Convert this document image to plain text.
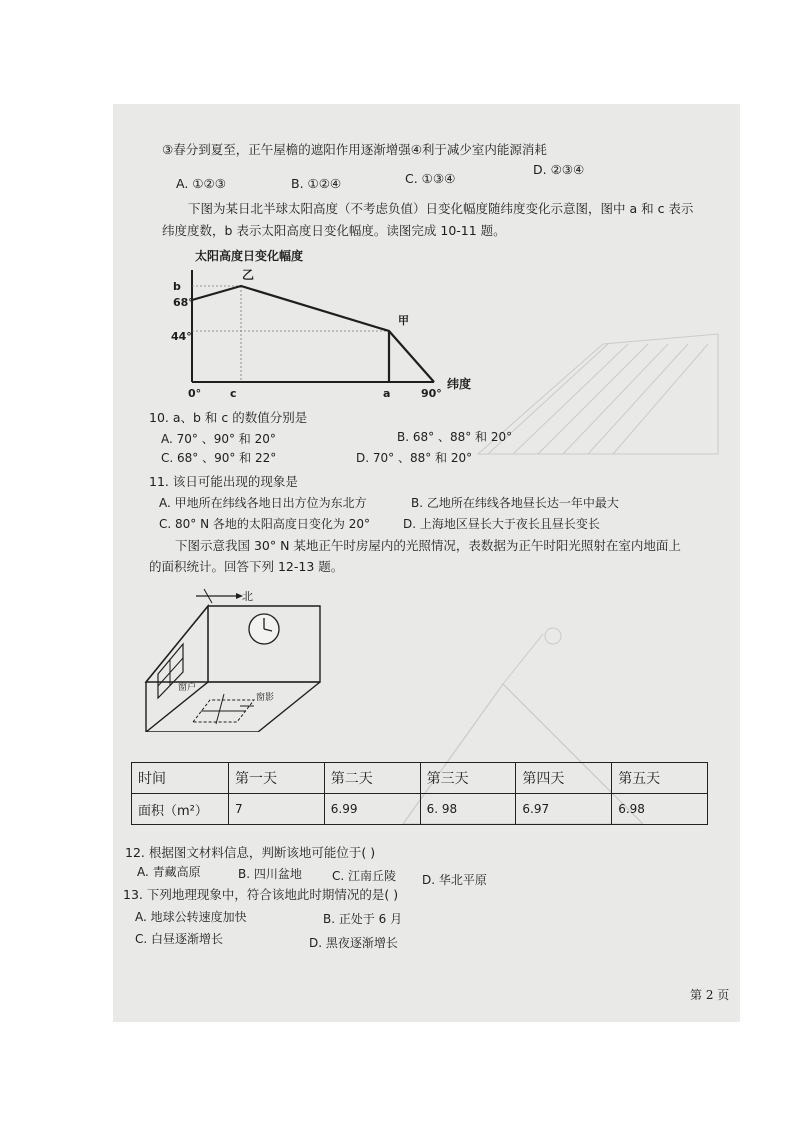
③春分到夏至，正午屋檐的遮阳作用逐渐增强④利于减少室内能源消耗
A. ①②③	B. ①②④	C. ①③④
D. ②③④
下图为某日北半球太阳高度（不考虑负值）日变化幅度随纬度变化示意图，图中 a 和 c 表示
纬度度数，b 表示太阳高度日变化幅度。读图完成 10-11 题。
太阳高度日变化幅度
b
68°
44°
乙
甲
0°	c	a	90°
纬度
10. a、b 和 c 的数值分别是
A. 70° 、90° 和 20°	B. 68° 、88° 和 20°
C. 68° 、90° 和 22°	D. 70° 、88° 和 20°
11. 该日可能出现的现象是
A. 甲地所在纬线各地日出方位为东北方	B. 乙地所在纬线各地昼长达一年中最大
C. 80° N 各地的太阳高度日变化为 20°	D. 上海地区昼长大于夜长且昼长变长
下图示意我国 30° N 某地正午时房屋内的光照情况，表数据为正午时阳光照射在室内地面上
的面积统计。回答下列 12-13 题。
北
窗户
窗影
时间	第一天	第二天	第三天	第四天	第五天
面积（m²）	7	6.99	6. 98	6.97	6.98
12. 根据图文材料信息，判断该地可能位于( )
A. 青藏高原	B. 四川盆地	C. 江南丘陵 D. 华北平原
13. 下列地理现象中，符合该地此时期情况的是( )
A. 地球公转速度加快	B. 正处于 6 月
C. 白昼逐渐增长	D. 黑夜逐渐增长
第 2 页
